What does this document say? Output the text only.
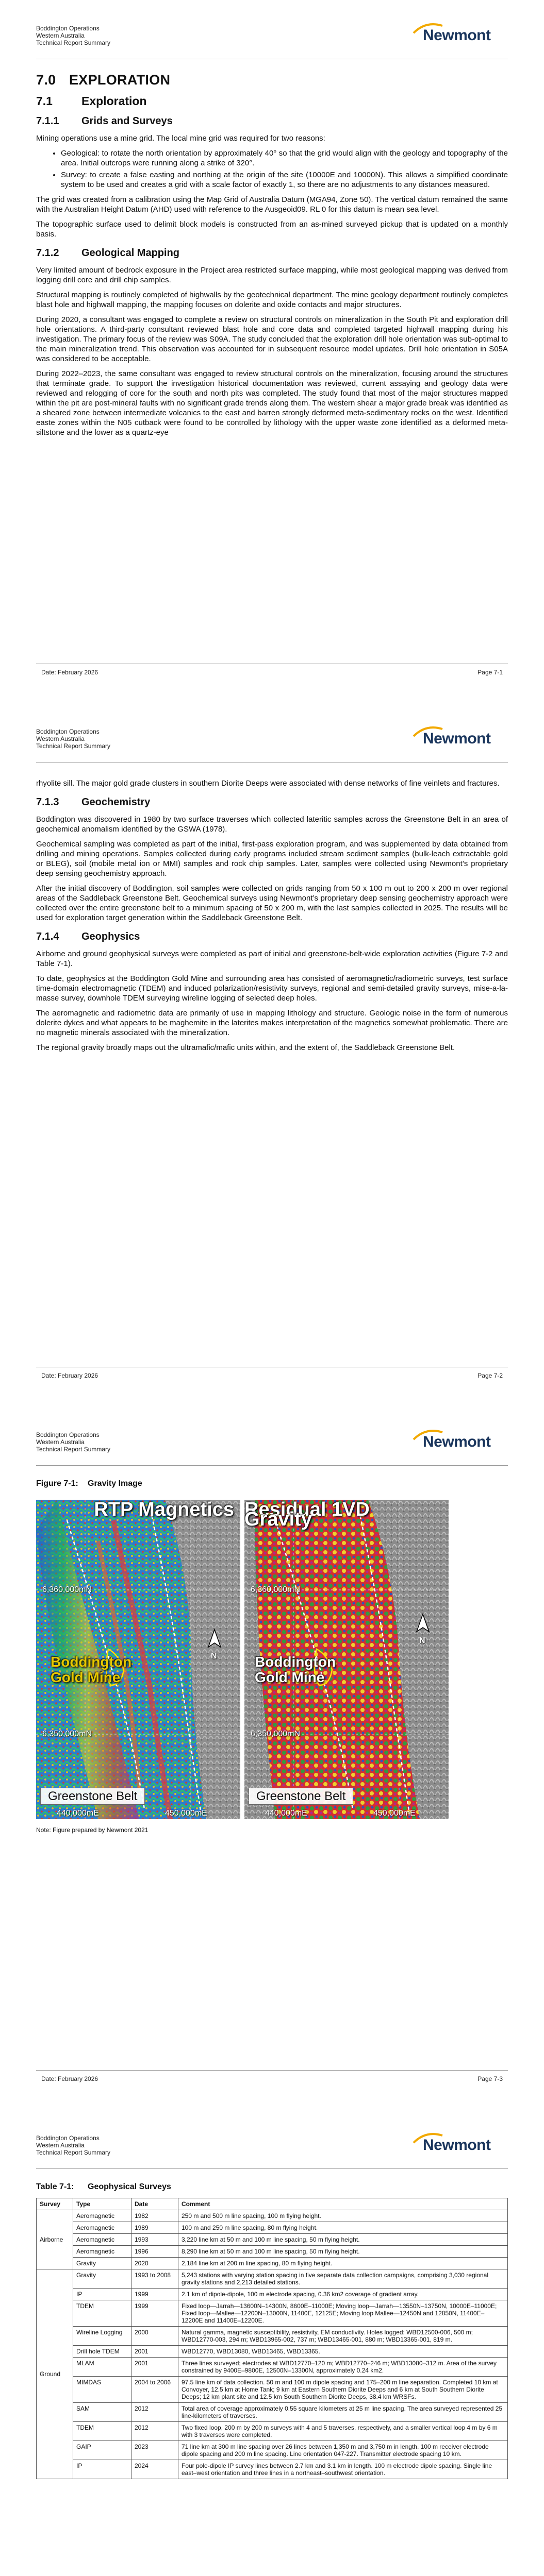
Boddington Operations
Western Australia
Technical Report Summary	Newmont
7.0 EXPLORATION
7.1 Exploration
7.1.1 Grids and Surveys

Mining operations use a mine grid. The local mine grid was required for two reasons:

• Geological: to rotate the north orientation by approximately 40° so that the grid would align with the geology and topography of the area. Initial outcrops were running along a strike of 320°.
• Survey: to create a false easting and northing at the origin of the site (10000E and 10000N). This allows a simplified coordinate system to be used and creates a grid with a scale factor of exactly 1, so there are no adjustments to any distances measured.

The grid was created from a calibration using the Map Grid of Australia Datum (MGA94, Zone 50). The vertical datum remained the same with the Australian Height Datum (AHD) used with reference to the Ausgeoid09. RL 0 for this datum is mean sea level.

The topographic surface used to delimit block models is constructed from an as-mined surveyed pickup that is updated on a monthly basis.

7.1.2 Geological Mapping

Very limited amount of bedrock exposure in the Project area restricted surface mapping, while most geological mapping was derived from logging drill core and drill chip samples.

Structural mapping is routinely completed of highwalls by the geotechnical department. The mine geology department routinely completes blast hole and highwall mapping, the mapping focuses on dolerite and oxide contacts and major structures.

During 2020, a consultant was engaged to complete a review on structural controls on mineralization in the South Pit and exploration drill hole orientations. A third-party consultant reviewed blast hole and core data and completed targeted highwall mapping during his investigation. The primary focus of the review was S09A. The study concluded that the exploration drill hole orientation was sub-optimal to the main mineralization trend. This observation was accounted for in subsequent resource model updates. Drill hole orientation in S05A was considered to be acceptable.

During 2022–2023, the same consultant was engaged to review structural controls on the mineralization, focusing around the structures that terminate grade. To support the investigation historical documentation was reviewed, current assaying and geology data were reviewed and relogging of core for the south and north pits was completed. The study found that most of the major structures mapped within the pit are post-mineral faults with no significant grade trends along them. The western shear a major grade break was identified as a sheared zone between intermediate volcanics to the east and barren strongly deformed meta-sedimentary rocks on the west. Identified easte zones within the N05 cutback were found to be controlled by lithology with the upper waste zone identified as a deformed meta-siltstone and the lower as a quartz-eye

Date: February 2026	Page 7-1
Boddington Operations
Western Australia
Technical Report Summary	Newmont

rhyolite sill. The major gold grade clusters in southern Diorite Deeps were associated with dense networks of fine veinlets and fractures.

7.1.3 Geochemistry

Boddington was discovered in 1980 by two surface traverses which collected lateritic samples across the Greenstone Belt in an area of geochemical anomalism identified by the GSWA (1978).

Geochemical sampling was completed as part of the initial, first-pass exploration program, and was supplemented by data obtained from drilling and mining operations. Samples collected during early programs included stream sediment samples (bulk-leach extractable gold or BLEG), soil (mobile metal ion or MMI) samples and rock chip samples. Later, samples were collected using Newmont’s proprietary deep sensing geochemistry approach.

After the initial discovery of Boddington, soil samples were collected on grids ranging from 50 x 100 m out to 200 x 200 m over regional areas of the Saddleback Greenstone Belt. Geochemical surveys using Newmont’s proprietary deep sensing geochemistry approach were collected over the entire greenstone belt to a minimum spacing of 50 x 200 m, with the last samples collected in 2025. The results will be used for exploration target generation within the Saddleback Greenstone Belt.

7.1.4 Geophysics

Airborne and ground geophysical surveys were completed as part of initial and greenstone-belt-wide exploration activities (Figure 7-2 and Table 7-1).

To date, geophysics at the Boddington Gold Mine and surrounding area has consisted of aeromagnetic/radiometric surveys, test surface time-domain electromagnetic (TDEM) and induced polarization/resistivity surveys, regional and semi-detailed gravity surveys, mise-a-la-masse survey, downhole TDEM surveying wireline logging of selected deep holes.

The aeromagnetic and radiometric data are primarily of use in mapping lithology and structure. Geologic noise in the form of numerous dolerite dykes and what appears to be maghemite in the laterites makes interpretation of the magnetics somewhat problematic. There are no magnetic minerals associated with the mineralization.

The regional gravity broadly maps out the ultramafic/mafic units within, and the extent of, the Saddleback Greenstone Belt.

Date: February 2026	Page 7-2
Boddington Operations
Western Australia
Technical Report Summary	Newmont
Figure 7-1: Gravity Image
RTP Magnetics
6,360,000mN
6,350,000mN
440,000mE	450,000mE
Boddington
Gold Mine
N
Greenstone Belt
Residual 1VD Gravity
6,360,000mN
6,350,000mN
440,000mE	450,000mE
Boddington
Gold Mine
N
Greenstone Belt
Note: Figure prepared by Newmont 2021
Date: February 2026	Page 7-3
Boddington Operations
Western Australia
Technical Report Summary	Newmont
Table 7-1: Geophysical Surveys
Survey	Type	Date	Comment
Airborne	Aeromagnetic	1982	250 m and 500 m line spacing, 100 m flying height.
	Aeromagnetic	1989	100 m and 250 m line spacing, 80 m flying height.
	Aeromagnetic	1993	3,220 line km at 50 m and 100 m line spacing, 50 m flying height.
	Aeromagnetic	1996	8,290 line km at 50 m and 100 m line spacing, 50 m flying height.
	Gravity	2020	2,184 line km at 200 m line spacing, 80 m flying height.
Ground	Gravity	1993 to 2008	5,243 stations with varying station spacing in five separate data collection campaigns, comprising 3,030 regional gravity stations and 2,213 detailed stations.
	IP	1999	2.1 km of dipole-dipole, 100 m electrode spacing, 0.36 km2 coverage of gradient array.
	TDEM	1999	Fixed loop—Jarrah—13600N–14300N, 8600E–11000E; Moving loop—Jarrah—13550N–13750N, 10000E–11000E; Fixed loop—Mallee—12200N–13000N, 11400E, 12125E; Moving loop Mallee—12450N and 12850N, 11400E–12200E and 11400E–12200E.
	Wireline Logging	2000	Natural gamma, magnetic susceptibility, resistivity, EM conductivity. Holes logged: WBD12500-006, 500 m; WBD12770-003, 294 m; WBD13965-002, 737 m; WBD13465-001, 880 m; WBD13365-001, 819 m.
	Drill hole TDEM	2001	WBD12770, WBD13080, WBD13465, WBD13365.
	MLAM	2001	Three lines surveyed; electrodes at WBD12770–120 m; WBD12770–246 m; WBD13080–312 m. Area of the survey constrained by 9400E–9800E, 12500N–13300N, approximately 0.24 km2.
	MIMDAS	2004 to 2006	97.5 line km of data collection. 50 m and 100 m dipole spacing and 175–200 m line separation. Completed 10 km at Convoyer, 12.5 km at Home Tank; 9 km at Eastern Southern Diorite Deeps and 6 km at South Southern Diorite Deeps; 12 km plant site and 12.5 km South Southern Diorite Deeps, 38.4 km WRSFs.
	SAM	2012	Total area of coverage approximately 0.55 square kilometers at 25 m line spacing. The area surveyed represented 25 line-kilometers of traverses.
	TDEM	2012	Two fixed loop, 200 m by 200 m surveys with 4 and 5 traverses, respectively, and a smaller vertical loop 4 m by 6 m with 3 traverses were completed.
	GAIP	2023	71 line km at 300 m line spacing over 26 lines between 1,350 m and 3,750 m in length. 100 m receiver electrode dipole spacing and 200 m line spacing. Line orientation 047-227. Transmitter electrode spacing 10 km.
	IP	2024	Four pole-dipole IP survey lines between 2.7 km and 3.1 km in length. 100 m electrode dipole spacing. Single line east–west orientation and three lines in a northeast–southwest orientation.
